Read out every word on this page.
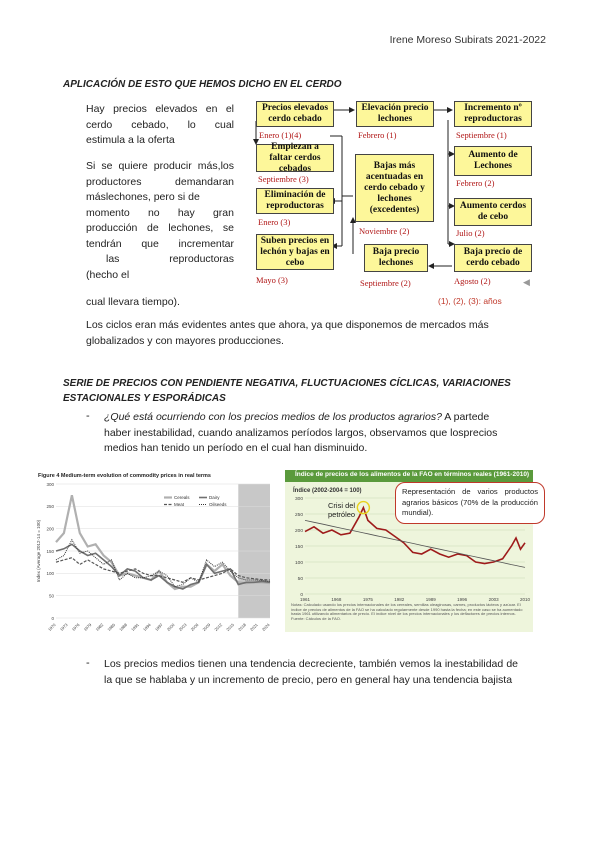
Irene Moreso Subirats 2021-2022
APLICACIÓN DE ESTO QUE HEMOS DICHO EN EL CERDO
Hay precios elevados en el
cerdo cebado, lo cual
estimula a la oferta
Si se quiere producir más,los
productores demandaran
máslechones, pero si de
momento no hay gran
producción de lechones, se
tendrán que incrementar
las reproductoras
(hecho el
cual llevara tiempo).
Precios elevados cerdo cebado
Enero (1)(4)
Elevación precio lechones
Febrero (1)
Incremento nº reproductoras
Septiembre (1)
Empiezan a faltar cerdos cebados
Septiembre (3)
Bajas más acentuadas en cerdo cebado y lechones (excedentes)
Noviembre (2)
Aumento de Lechones
Febrero (2)
Eliminación de reproductoras
Enero (3)
Aumento cerdos de cebo
Julio (2)
Suben precios en lechón y bajas en cebo
Mayo (3)
Baja precio lechones
Septiembre (2)
Baja precio de cerdo cebado
Agosto (2)
(1), (2), (3): años
◀
Los ciclos eran más evidentes antes que ahora, ya que disponemos de mercados más globalizados y con mayores producciones.
SERIE DE PRECIOS CON PENDIENTE NEGATIVA, FLUCTUACIONES CÍCLICAS, VARIACIONES
ESTACIONALES Y ESPORÁDICAS
- ¿Qué está ocurriendo con los precios medios de los productos agrarios? A partede haber inestabilidad, cuando analizamos períodos largos, observamos que losprecios medios han tenido un período en el cual han disminuido.
Figure 4 Medium-term evolution of commodity prices in real terms
300
250
200
150
100
50
0
1970 1973 1976 1979 1982 1985 1988 1991 1994 1997 2000 2003 2006 2009 2012 2015 2018 2021 2024
Index (Average 2012-14 = 100)
Cereals	Dairy
Meat	Oilseeds
Índice de precios de los alimentos de la FAO en términos reales (1961-2010)
Índice (2002-2004 = 100)
300
250
200
150
100
50
0
1961	1968	1975	1982	1989	1996	2003	2010
Notas: Calculado usando los precios internacionales de los cereales, semillas oleaginosas, carnes, productos lácteos y azúcar. El índice de precios de alimentos de la FAO se ha calculado regularmente desde 1990 hasta la fecha; en este caso se ha aumentado hasta 1961 utilizando alimentarios de precio. El índice nivel de los precios internacionales y los deflactores de precios internos. Fuente: Cálculos de la FAO.
Crisi del petróleo
Representación de varios productos agrarios básicos (70% de la producción mundial).
- Los precios medios tienen una tendencia decreciente, también vemos la inestabilidad de la que se hablaba y un incremento de precio, pero en general hay una tendencia bajista
